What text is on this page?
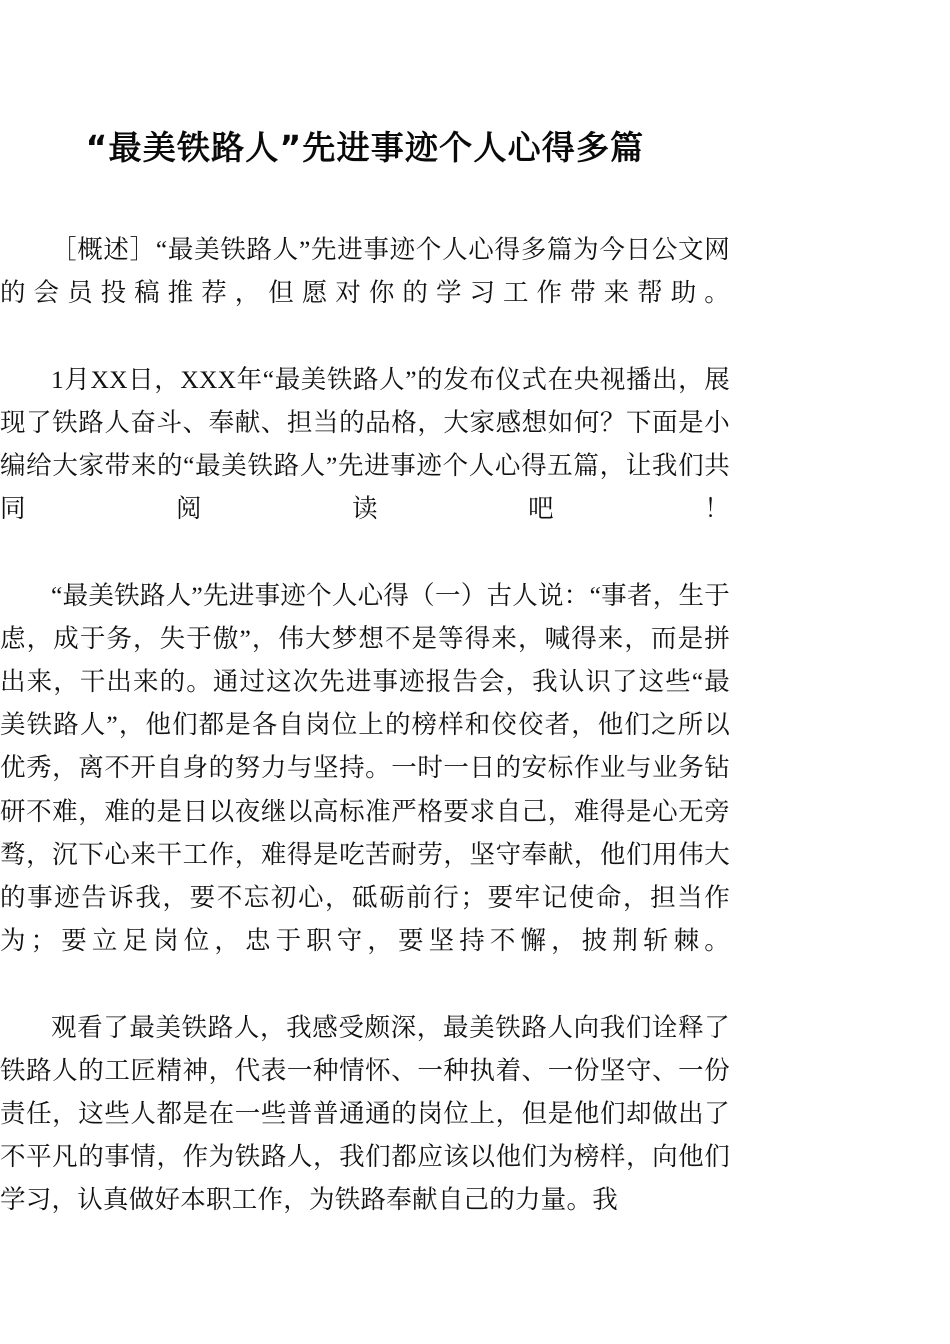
“最美铁路人”先进事迹个人心得多篇

［概述］“最美铁路人”先进事迹个人心得多篇为今日公文网的会员投稿推荐，但愿对你的学习工作带来帮助。

1月XX日，XXX年“最美铁路人”的发布仪式在央视播出，展现了铁路人奋斗、奉献、担当的品格，大家感想如何？下面是小编给大家带来的“最美铁路人”先进事迹个人心得五篇，让我们共同阅读吧！

“最美铁路人”先进事迹个人心得（一）古人说：“事者，生于虑，成于务，失于傲”，伟大梦想不是等得来，喊得来，而是拼出来，干出来的。通过这次先进事迹报告会，我认识了这些“最美铁路人”，他们都是各自岗位上的榜样和佼佼者，他们之所以优秀，离不开自身的努力与坚持。一时一日的安标作业与业务钻研不难，难的是日以夜继以高标准严格要求自己，难得是心无旁骛，沉下心来干工作，难得是吃苦耐劳，坚守奉献，他们用伟大的事迹告诉我，要不忘初心，砥砺前行；要牢记使命，担当作为；要立足岗位，忠于职守，要坚持不懈，披荆斩棘。

观看了最美铁路人，我感受颇深，最美铁路人向我们诠释了铁路人的工匠精神，代表一种情怀、一种执着、一份坚守、一份责任，这些人都是在一些普普通通的岗位上，但是他们却做出了不平凡的事情，作为铁路人，我们都应该以他们为榜样，向他们学习，认真做好本职工作，为铁路奉献自己的力量。我
